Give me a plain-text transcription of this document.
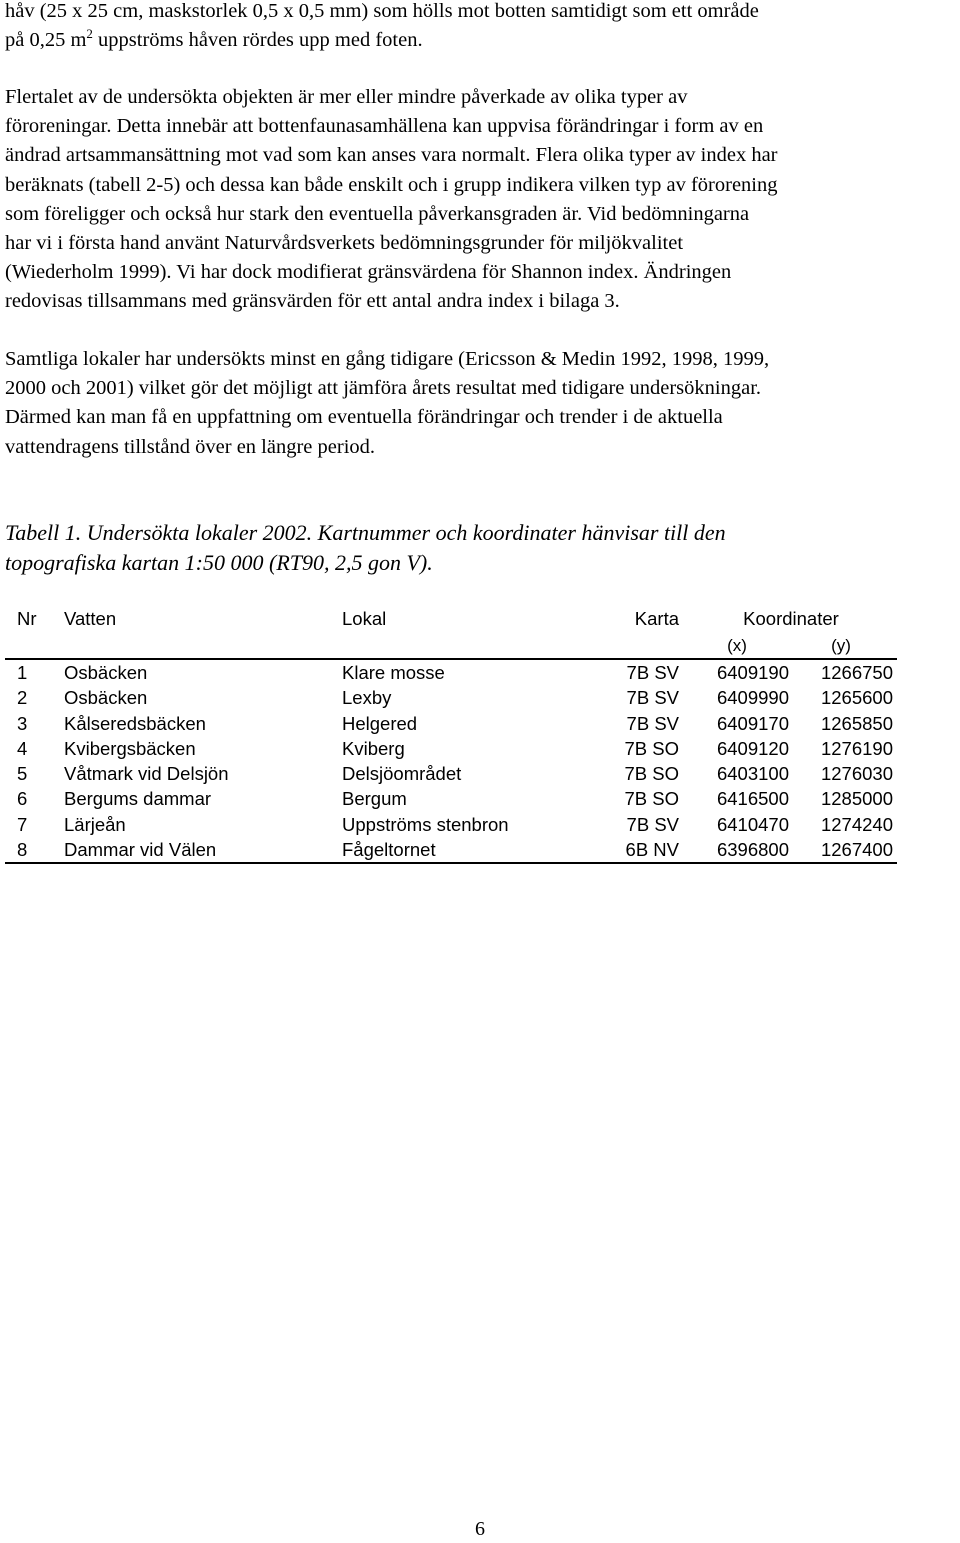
håv (25 x 25 cm, maskstorlek 0,5 x 0,5 mm) som hölls mot botten samtidigt som ett område
på 0,25 $m^2$ uppströms håven rördes upp med foten.
Flertalet av de undersökta objekten är mer eller mindre påverkade av olika typer av
föroreningar. Detta innebär att bottenfaunasamhällena kan uppvisa förändringar i form av en
ändrad artsammansättning mot vad som kan anses vara normalt. Flera olika typer av index har
beräknats (tabell 2-5) och dessa kan både enskilt och i grupp indikera vilken typ av förorening
som föreligger och också hur stark den eventuella påverkansgraden är. Vid bedömningarna
har vi i första hand använt Naturvårdsverkets bedömningsgrunder för miljökvalitet
(Wiederholm 1999). Vi har dock modifierat gränsvärdena för Shannon index. Ändringen
redovisas tillsammans med gränsvärden för ett antal andra index i bilaga 3.
Samtliga lokaler har undersökts minst en gång tidigare (Ericsson & Medin 1992, 1998, 1999,
2000 och 2001) vilket gör det möjligt att jämföra årets resultat med tidigare undersökningar.
Därmed kan man få en uppfattning om eventuella förändringar och trender i de aktuella
vattendragens tillstånd över en längre period.
Tabell 1. Undersökta lokaler 2002. Kartnummer och koordinater hänvisar till den
topografiska kartan 1:50 000 (RT90, 2,5 gon V).
Nr	Vatten	Lokal	Karta	Koordinater	
				(x)	(y)
1	Osbäcken	Klare mosse	7B SV	6409190	1266750
2	Osbäcken	Lexby	7B SV	6409990	1265600
3	Kålseredsbäcken	Helgered	7B SV	6409170	1265850
4	Kvibergsbäcken	Kviberg	7B SO	6409120	1276190
5	Våtmark vid Delsjön	Delsjöområdet	7B SO	6403100	1276030
6	Bergums dammar	Bergum	7B SO	6416500	1285000
7	Lärjeån	Uppströms stenbron	7B SV	6410470	1274240
8	Dammar vid Välen	Fågeltornet	6B NV	6396800	1267400
6
